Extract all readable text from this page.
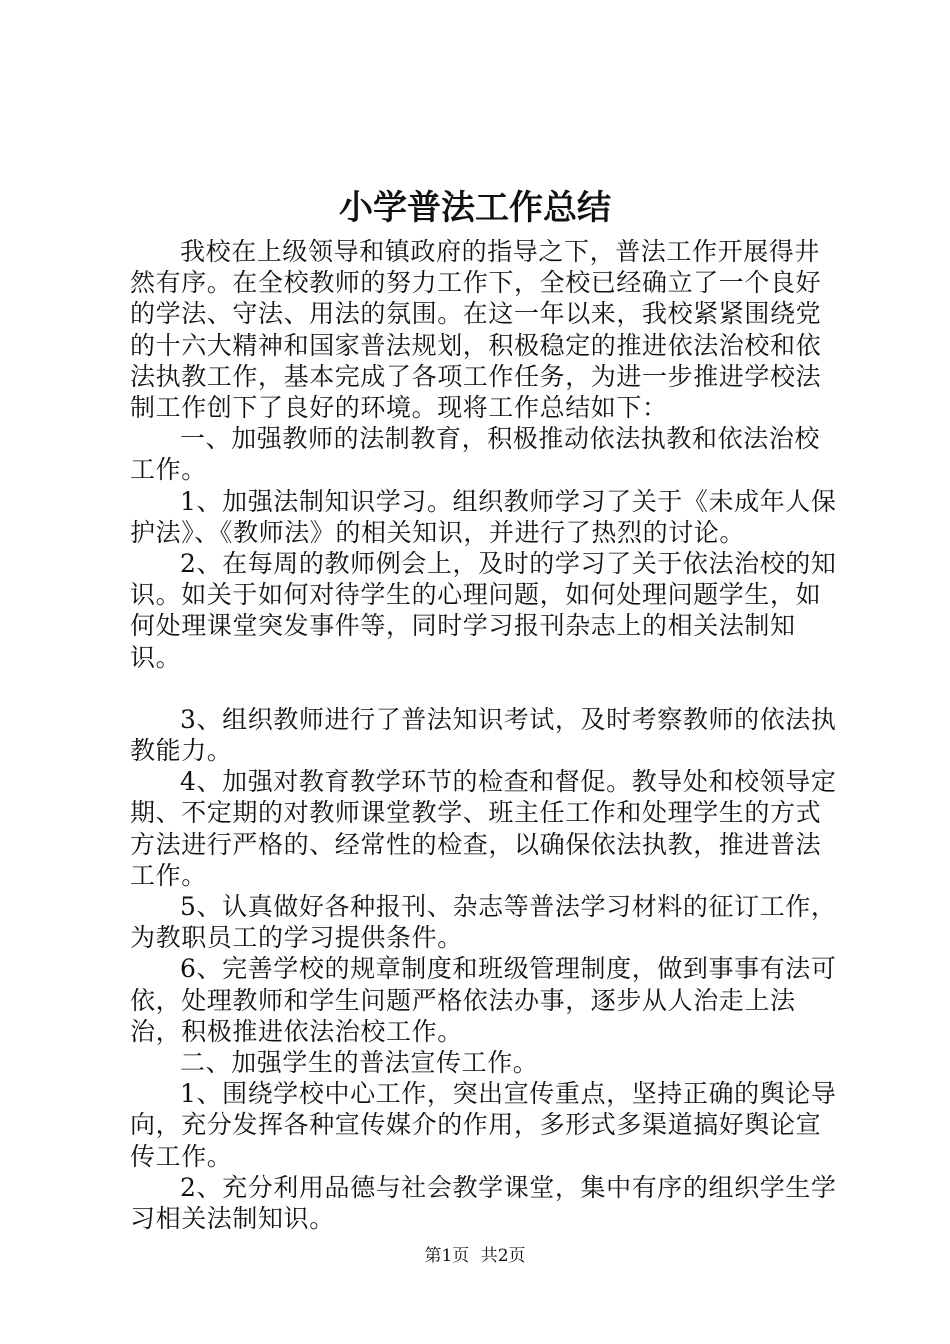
小学普法工作总结

我校在上级领导和镇政府的指导之下，普法工作开展得井然有序。在全校教师的努力工作下，全校已经确立了一个良好的学法、守法、用法的氛围。在这一年以来，我校紧紧围绕党的十六大精神和国家普法规划，积极稳定的推进依法治校和依法执教工作，基本完成了各项工作任务，为进一步推进学校法制工作创下了良好的环境。现将工作总结如下：

一、加强教师的法制教育，积极推动依法执教和依法治校工作。

1、加强法制知识学习。组织教师学习了关于《未成年人保护法》、《教师法》的相关知识，并进行了热烈的讨论。

2、在每周的教师例会上，及时的学习了关于依法治校的知识。如关于如何对待学生的心理问题，如何处理问题学生，如何处理课堂突发事件等，同时学习报刊杂志上的相关法制知识。

3、组织教师进行了普法知识考试，及时考察教师的依法执教能力。

4、加强对教育教学环节的检查和督促。教导处和校领导定期、不定期的对教师课堂教学、班主任工作和处理学生的方式方法进行严格的、经常性的检查，以确保依法执教，推进普法工作。

5、认真做好各种报刊、杂志等普法学习材料的征订工作，为教职员工的学习提供条件。

6、完善学校的规章制度和班级管理制度，做到事事有法可依，处理教师和学生问题严格依法办事，逐步从人治走上法治，积极推进依法治校工作。

二、加强学生的普法宣传工作。

1、围绕学校中心工作，突出宣传重点，坚持正确的舆论导向，充分发挥各种宣传媒介的作用，多形式多渠道搞好舆论宣传工作。

2、充分利用品德与社会教学课堂，集中有序的组织学生学习相关法制知识。

第1页 共2页
